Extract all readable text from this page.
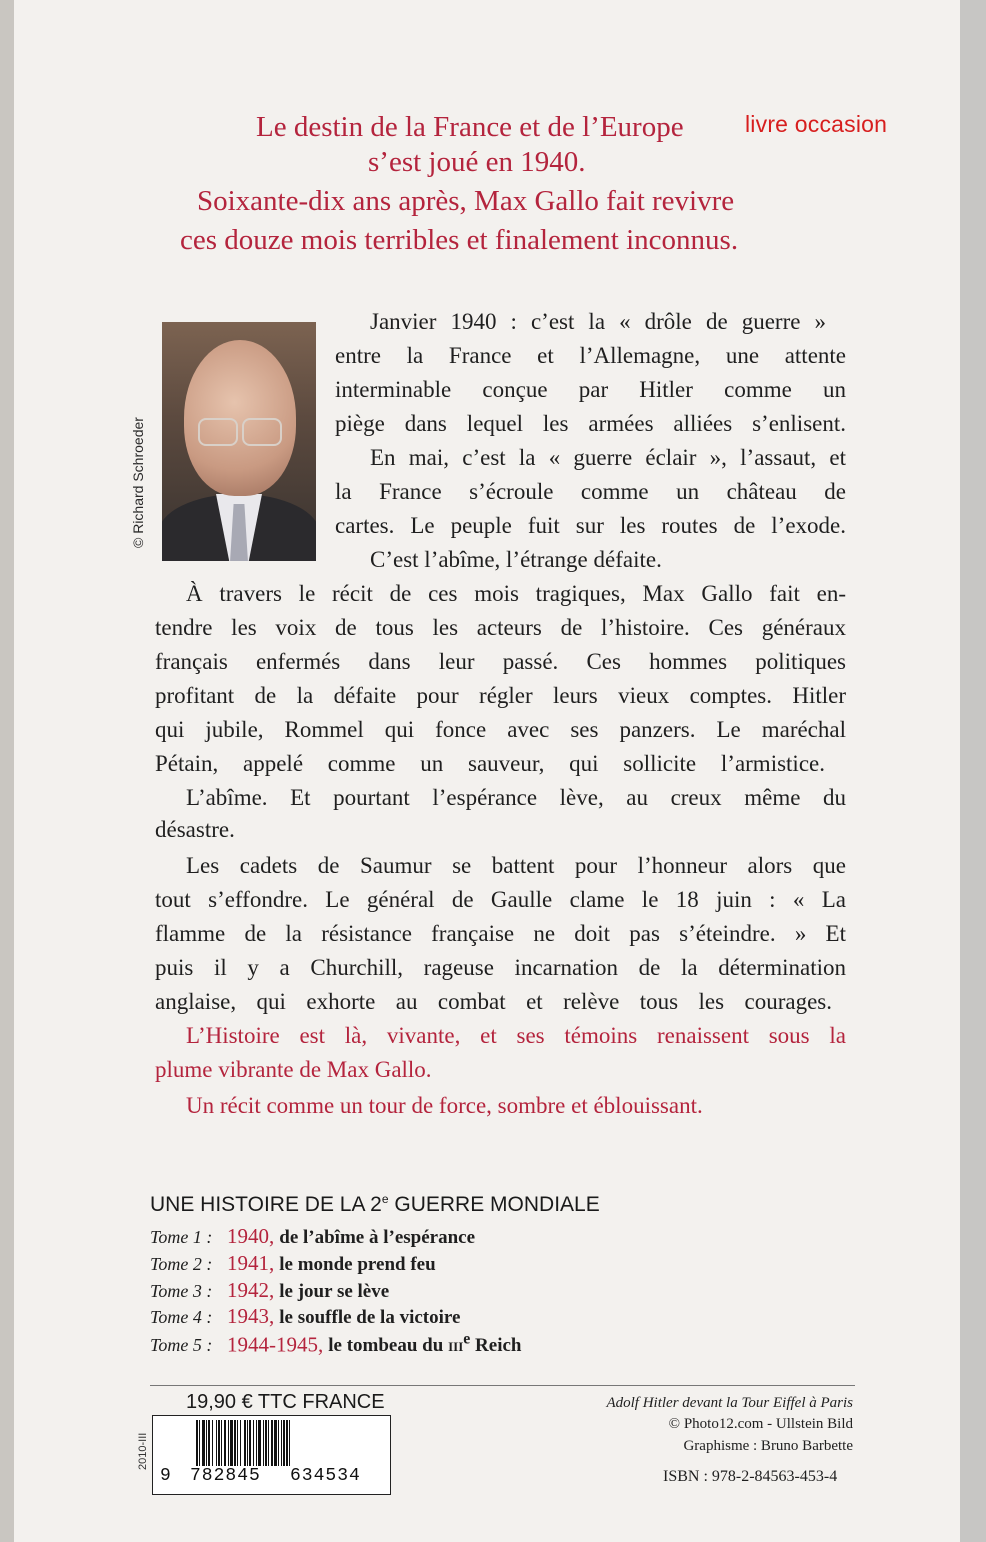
Le destin de la France et de l’Europe	livre occasion
s’est joué en 1940.
Soixante-dix ans après, Max Gallo fait revivre
ces douze mois terribles et finalement inconnus.
© Richard Schroeder
Janvier 1940 : c’est la « drôle de guerre »
entre la France et l’Allemagne, une attente
interminable conçue par Hitler comme un
piège dans lequel les armées alliées s’enlisent.
En mai, c’est la « guerre éclair », l’assaut, et
la France s’écroule comme un château de
cartes. Le peuple fuit sur les routes de l’exode.
C’est l’abîme, l’étrange défaite.
À travers le récit de ces mois tragiques, Max Gallo fait en-
tendre les voix de tous les acteurs de l’histoire. Ces généraux
français enfermés dans leur passé. Ces hommes politiques
profitant de la défaite pour régler leurs vieux comptes. Hitler
qui jubile, Rommel qui fonce avec ses panzers. Le maréchal
Pétain, appelé comme un sauveur, qui sollicite l’armistice.
L’abîme. Et pourtant l’espérance lève, au creux même du
désastre.
Les cadets de Saumur se battent pour l’honneur alors que
tout s’effondre. Le général de Gaulle clame le 18 juin : « La
flamme de la résistance française ne doit pas s’éteindre. » Et
puis il y a Churchill, rageuse incarnation de la détermination
anglaise, qui exhorte au combat et relève tous les courages.
L’Histoire est là, vivante, et ses témoins renaissent sous la
plume vibrante de Max Gallo.
Un récit comme un tour de force, sombre et éblouissant.
UNE HISTOIRE DE LA 2e GUERRE MONDIALE
Tome 1 : 1940, de l’abîme à l’espérance
Tome 2 : 1941, le monde prend feu
Tome 3 : 1942, le jour se lève
Tome 4 : 1943, le souffle de la victoire
Tome 5 : 1944-1945, le tombeau du iii$^e$ Reich
19,90 € TTC FRANCE
2010-III
9 782845 634534
Adolf Hitler devant la Tour Eiffel à Paris
© Photo12.com - Ullstein Bild
Graphisme : Bruno Barbette
ISBN : 978-2-84563-453-4
